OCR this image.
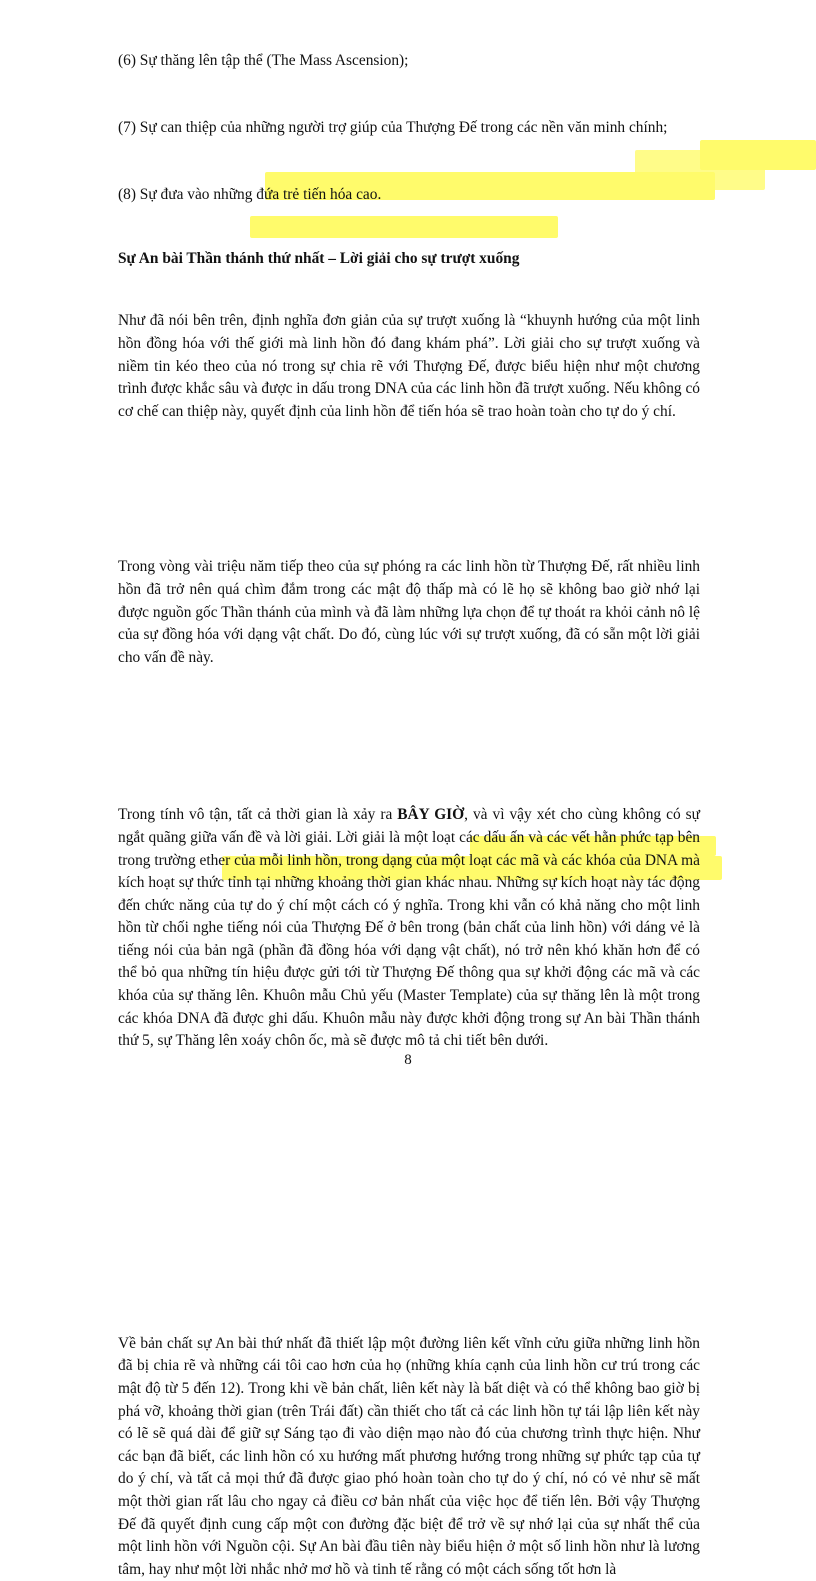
(6) Sự thăng lên tập thể (The Mass Ascension);

(7) Sự can thiệp của những người trợ giúp của Thượng Đế trong các nền văn minh chính;

(8) Sự đưa vào những đứa trẻ tiến hóa cao.

Sự An bài Thần thánh thứ nhất – Lời giải cho sự trượt xuống

Như đã nói bên trên, định nghĩa đơn giản của sự trượt xuống là “khuynh hướng của một linh hồn đồng hóa với thế giới mà linh hồn đó đang khám phá”. Lời giải cho sự trượt xuống và niềm tin kéo theo của nó trong sự chia rẽ với Thượng Đế, được biểu hiện như một chương trình được khắc sâu và được in dấu trong DNA của các linh hồn đã trượt xuống. Nếu không có cơ chế can thiệp này, quyết định của linh hồn để tiến hóa sẽ trao hoàn toàn cho tự do ý chí.

Trong vòng vài triệu năm tiếp theo của sự phóng ra các linh hồn từ Thượng Đế, rất nhiều linh hồn đã trở nên quá chìm đắm trong các mật độ thấp mà có lẽ họ sẽ không bao giờ nhớ lại được nguồn gốc Thần thánh của mình và đã làm những lựa chọn để tự thoát ra khỏi cảnh nô lệ của sự đồng hóa với dạng vật chất. Do đó, cùng lúc với sự trượt xuống, đã có sẵn một lời giải cho vấn đề này.

Trong tính vô tận, tất cả thời gian là xảy ra BÂY GIỜ, và vì vậy xét cho cùng không có sự ngắt quãng giữa vấn đề và lời giải. Lời giải là một loạt các dấu ấn và các vết hằn phức tạp bên trong trường ether của mỗi linh hồn, trong dạng của một loạt các mã và các khóa của DNA mà kích hoạt sự thức tỉnh tại những khoảng thời gian khác nhau. Những sự kích hoạt này tác động đến chức năng của tự do ý chí một cách có ý nghĩa. Trong khi vẫn có khả năng cho một linh hồn từ chối nghe tiếng nói của Thượng Đế ở bên trong (bản chất của linh hồn) với dáng vẻ là tiếng nói của bản ngã (phần đã đồng hóa với dạng vật chất), nó trở nên khó khăn hơn để có thể bỏ qua những tín hiệu được gửi tới từ Thượng Đế thông qua sự khởi động các mã và các khóa của sự thăng lên. Khuôn mẫu Chủ yếu (Master Template) của sự thăng lên là một trong các khóa DNA đã được ghi dấu. Khuôn mẫu này được khởi động trong sự An bài Thần thánh thứ 5, sự Thăng lên xoáy chôn ốc, mà sẽ được mô tả chi tiết bên dưới.

Về bản chất sự An bài thứ nhất đã thiết lập một đường liên kết vĩnh cửu giữa những linh hồn đã bị chia rẽ và những cái tôi cao hơn của họ (những khía cạnh của linh hồn cư trú trong các mật độ từ 5 đến 12). Trong khi về bản chất, liên kết này là bất diệt và có thể không bao giờ bị phá vỡ, khoảng thời gian (trên Trái đất) cần thiết cho tất cả các linh hồn tự tái lập liên kết này có lẽ sẽ quá dài để giữ sự Sáng tạo đi vào diện mạo nào đó của chương trình thực hiện. Như các bạn đã biết, các linh hồn có xu hướng mất phương hướng trong những sự phức tạp của tự do ý chí, và tất cả mọi thứ đã được giao phó hoàn toàn cho tự do ý chí, nó có vẻ như sẽ mất một thời gian rất lâu cho ngay cả điều cơ bản nhất của việc học để tiến lên. Bởi vậy Thượng Đế đã quyết định cung cấp một con đường đặc biệt để trở về sự nhớ lại của sự nhất thể của một linh hồn với Nguồn cội. Sự An bài đầu tiên này biểu hiện ở một số linh hồn như là lương tâm, hay như một lời nhắc nhở mơ hồ và tinh tế rằng có một cách sống tốt hơn là

8
